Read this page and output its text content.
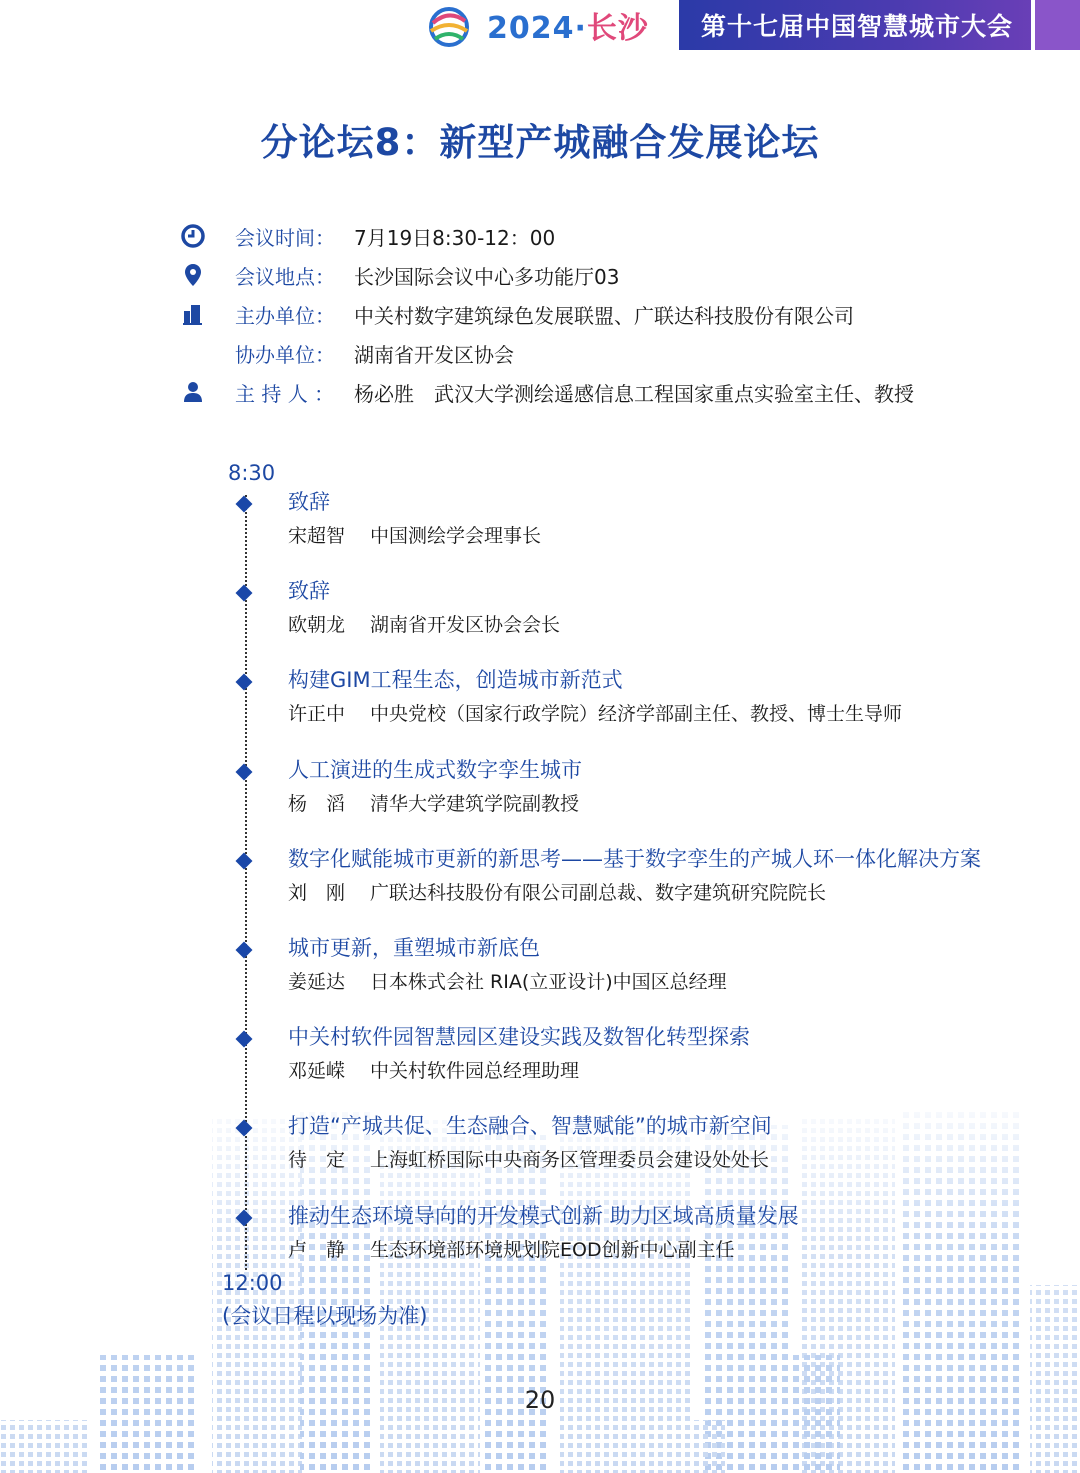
2024·长沙	第十七届中国智慧城市大会
分论坛8：新型产城融合发展论坛
会议时间： 7月19日8:30-12：00
会议地点： 长沙国际会议中心多功能厅03
主办单位： 中关村数字建筑绿色发展联盟、广联达科技股份有限公司
协办单位： 湖南省开发区协会
主 持 人 ： 杨必胜　武汉大学测绘遥感信息工程国家重点实验室主任、教授
8:30
致辞
宋超智 中国测绘学会理事长
致辞
欧朝龙 湖南省开发区协会会长
构建GIM工程生态，创造城市新范式
许正中 中央党校（国家行政学院）经济学部副主任、教授、博士生导师
人工演进的生成式数字孪生城市
杨　滔 清华大学建筑学院副教授
数字化赋能城市更新的新思考——基于数字孪生的产城人环一体化解决方案
刘　刚 广联达科技股份有限公司副总裁、数字建筑研究院院长
城市更新，重塑城市新底色
姜延达 日本株式会社 RIA(立亚设计)中国区总经理
中关村软件园智慧园区建设实践及数智化转型探索
邓延嵘 中关村软件园总经理助理
打造“产城共促、生态融合、智慧赋能”的城市新空间
待　定 上海虹桥国际中央商务区管理委员会建设处处长
推动生态环境导向的开发模式创新 助力区域高质量发展
卢　静 生态环境部环境规划院EOD创新中心副主任
12:00
(会议日程以现场为准)
20
